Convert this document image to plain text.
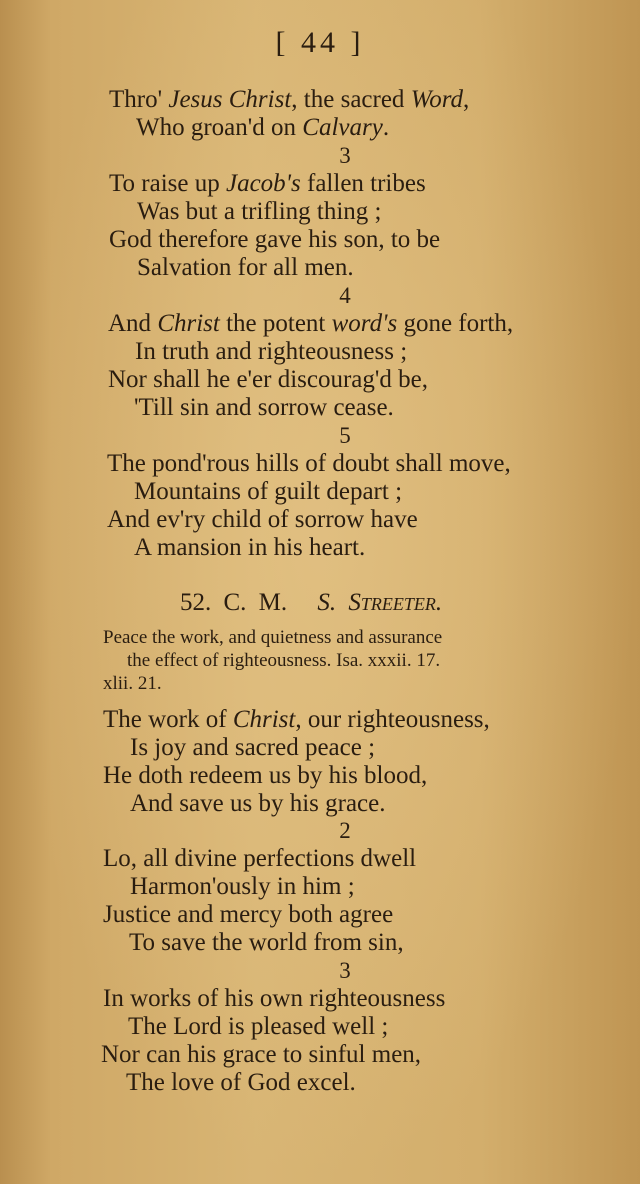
[ 44 ]
Thro' Jesus Christ, the sacred Word,
Who groan'd on Calvary.
3
To raise up Jacob's fallen tribes
Was but a trifling thing ;
God therefore gave his son, to be
Salvation for all men.
4
And Christ the potent word's gone forth,
In truth and righteousness ;
Nor shall he e'er discourag'd be,
'Till sin and sorrow cease.
5
The pond'rous hills of doubt shall move,
Mountains of guilt depart ;
And ev'ry child of sorrow have
A mansion in his heart.
52. C. M. S. Streeter.
Peace the work, and quietness and assurance
the effect of righteousness. Isa. xxxii. 17.
xlii. 21.
The work of Christ, our righteousness,
Is joy and sacred peace ;
He doth redeem us by his blood,
And save us by his grace.
2
Lo, all divine perfections dwell
Harmon'ously in him ;
Justice and mercy both agree
To save the world from sin,
3
In works of his own righteousness
The Lord is pleased well ;
Nor can his grace to sinful men,
The love of God excel.
